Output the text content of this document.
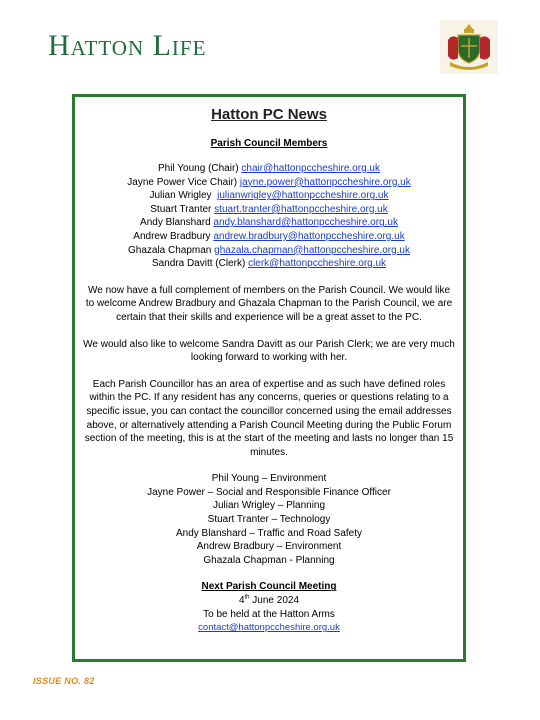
Hatton Life
Hatton PC News
Parish Council Members
Phil Young (Chair) chair@hattonpccheshire.org.uk
Jayne Power Vice Chair) jayne.power@hattonpccheshire.org.uk
Julian Wrigley julianwrigley@hattonpccheshire.org.uk
Stuart Tranter stuart.tranter@hattonpccheshire.org.uk
Andy Blanshard andy.blanshard@hattonpccheshire.org.uk
Andrew Bradbury andrew.bradbury@hattonpccheshire.org.uk
Ghazala Chapman ghazala.chapman@hattonpccheshire.org.uk
Sandra Davitt (Clerk) clerk@hattonpccheshire.org.uk
We now have a full complement of members on the Parish Council. We would like to welcome Andrew Bradbury and Ghazala Chapman to the Parish Council, we are certain that their skills and experience will be a great asset to the PC.
We would also like to welcome Sandra Davitt as our Parish Clerk; we are very much looking forward to working with her.
Each Parish Councillor has an area of expertise and as such have defined roles within the PC. If any resident has any concerns, queries or questions relating to a specific issue, you can contact the councillor concerned using the email addresses above, or alternatively attending a Parish Council Meeting during the Public Forum section of the meeting, this is at the start of the meeting and lasts no longer than 15 minutes.
Phil Young – Environment
Jayne Power – Social and Responsible Finance Officer
Julian Wrigley – Planning
Stuart Tranter – Technology
Andy Blanshard – Traffic and Road Safety
Andrew Bradbury – Environment
Ghazala Chapman - Planning
Next Parish Council Meeting
4th June 2024
To be held at the Hatton Arms
contact@hattonpccheshire.org.uk
ISSUE NO. 82
